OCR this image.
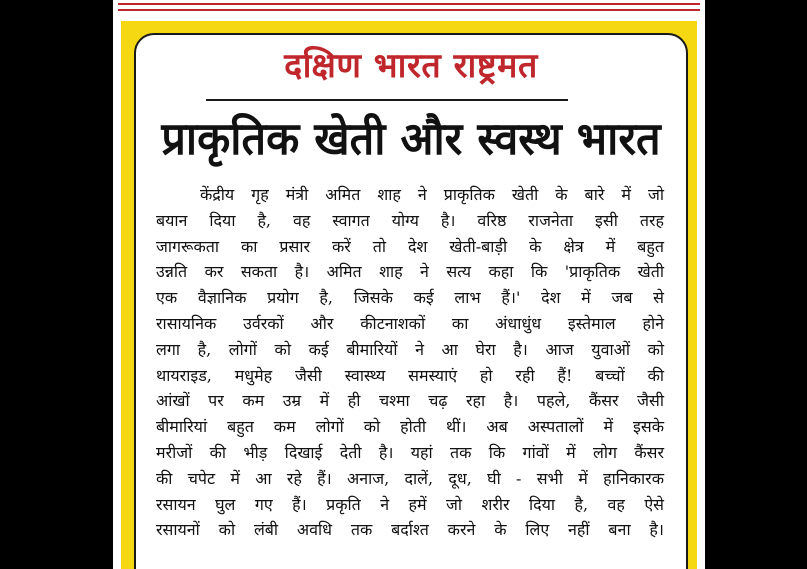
दक्षिण भारत राष्ट्रमत
प्राकृतिक खेती और स्वस्थ भारत

केंद्रीय गृह मंत्री अमित शाह ने प्राकृतिक खेती के बारे में जो
बयान दिया है, वह स्वागत योग्य है। वरिष्ठ राजनेता इसी तरह
जागरूकता का प्रसार करें तो देश खेती-बाड़ी के क्षेत्र में बहुत
उन्नति कर सकता है। अमित शाह ने सत्य कहा कि 'प्राकृतिक खेती
एक वैज्ञानिक प्रयोग है, जिसके कई लाभ हैं।' देश में जब से
रासायनिक उर्वरकों और कीटनाशकों का अंधाधुंध इस्तेमाल होने
लगा है, लोगों को कई बीमारियों ने आ घेरा है। आज युवाओं को
थायराइड, मधुमेह जैसी स्वास्थ्य समस्याएं हो रही हैं! बच्चों की
आंखों पर कम उम्र में ही चश्मा चढ़ रहा है। पहले, कैंसर जैसी
बीमारियां बहुत कम लोगों को होती थीं। अब अस्पतालों में इसके
मरीजों की भीड़ दिखाई देती है। यहां तक कि गांवों में लोग कैंसर
की चपेट में आ रहे हैं। अनाज, दालें, दूध, घी - सभी में हानिकारक
रसायन घुल गए हैं। प्रकृति ने हमें जो शरीर दिया है, वह ऐसे
रसायनों को लंबी अवधि तक बर्दाश्त करने के लिए नहीं बना है।
